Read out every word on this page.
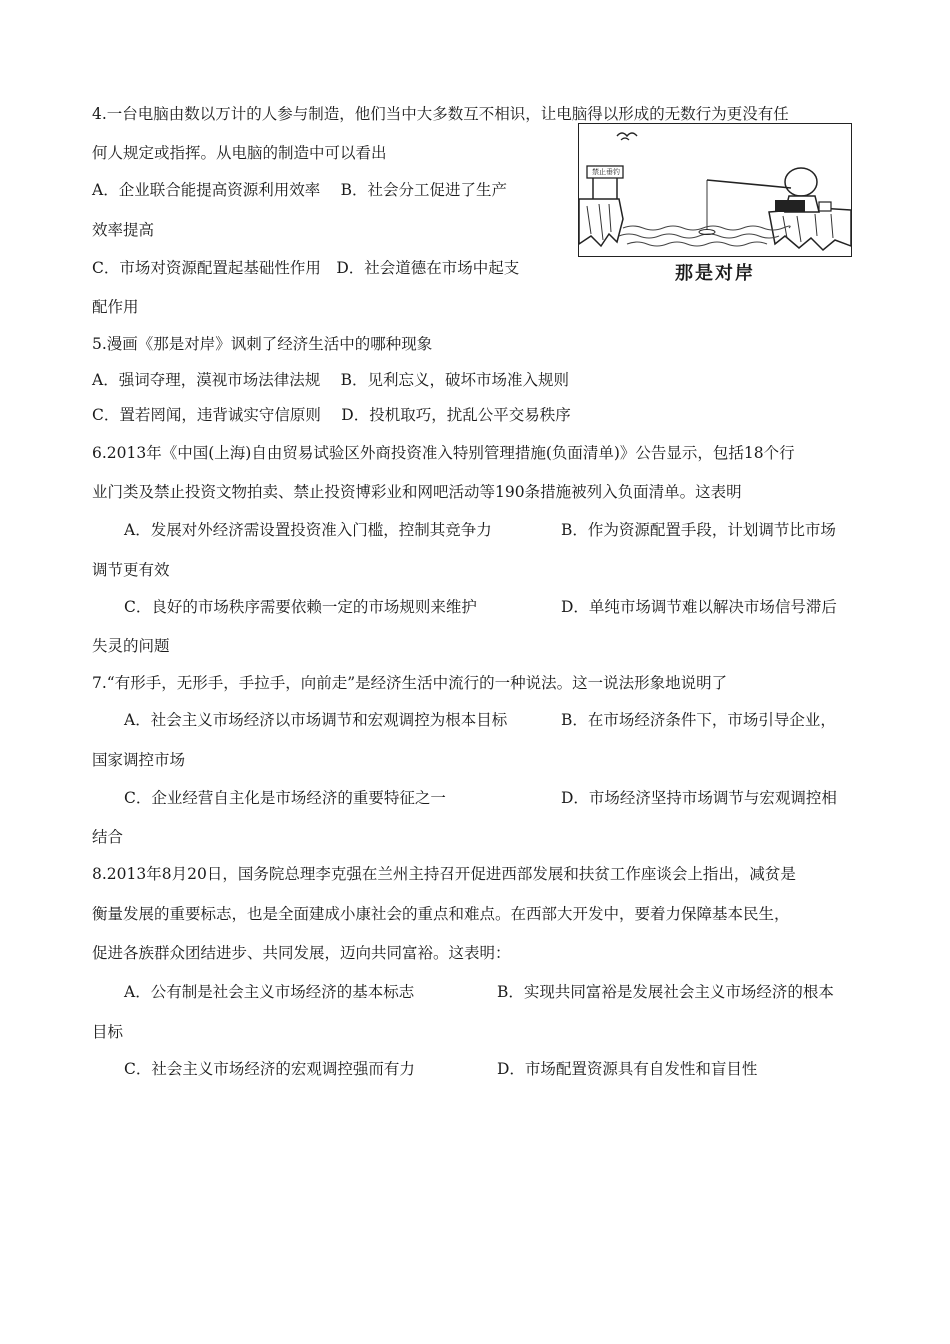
4.一台电脑由数以万计的人参与制造，他们当中大多数互不相识，让电脑得以形成的无数行为更没有任
何人规定或指挥。从电脑的制造中可以看出
A．企业联合能提高资源利用效率　 B．社会分工促进了生产
效率提高
C．市场对资源配置起基础性作用　D．社会道德在市场中起支
配作用
禁止垂钓
那是对岸
5.漫画《那是对岸》讽刺了经济生活中的哪种现象
A．强词夺理，漠视市场法律法规　 B．见利忘义，破坏市场准入规则
C．置若罔闻，违背诚实守信原则　 D．投机取巧，扰乱公平交易秩序
6.2013年《中国(上海)自由贸易试验区外商投资准入特别管理措施(负面清单)》公告显示，包括18个行
业门类及禁止投资文物拍卖、禁止投资博彩业和网吧活动等190条措施被列入负面清单。这表明
A．发展对外经济需设置投资准入门槛，控制其竞争力	B．作为资源配置手段，计划调节比市场
调节更有效
C．良好的市场秩序需要依赖一定的市场规则来维护	D．单纯市场调节难以解决市场信号滞后
失灵的问题
7.“有形手，无形手，手拉手，向前走”是经济生活中流行的一种说法。这一说法形象地说明了
A．社会主义市场经济以市场调节和宏观调控为根本目标	B．在市场经济条件下，市场引导企业，
国家调控市场
C．企业经营自主化是市场经济的重要特征之一	D．市场经济坚持市场调节与宏观调控相
结合
8.2013年8月20日，国务院总理李克强在兰州主持召开促进西部发展和扶贫工作座谈会上指出，减贫是
衡量发展的重要标志，也是全面建成小康社会的重点和难点。在西部大开发中，要着力保障基本民生，
促进各族群众团结进步、共同发展，迈向共同富裕。这表明：
A．公有制是社会主义市场经济的基本标志	B．实现共同富裕是发展社会主义市场经济的根本
目标
C．社会主义市场经济的宏观调控强而有力	D．市场配置资源具有自发性和盲目性
